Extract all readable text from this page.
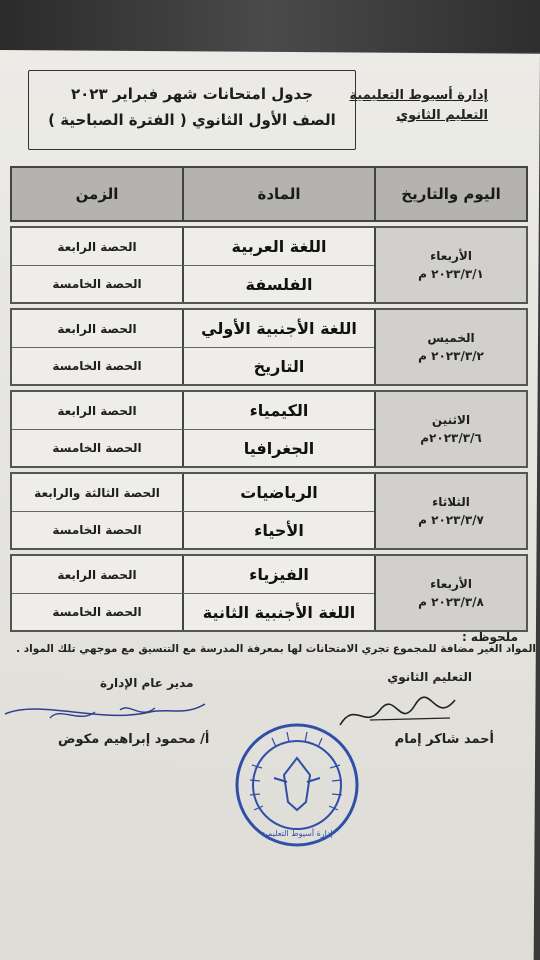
إدارة أسيوط التعليمية
التعليم الثانوي
جدول امتحانات شهر فبراير ٢٠٢٣
الصف الأول الثانوي ( الفترة الصباحية )
اليوم والتاريخ
المادة
الزمن
الأربعاء
٢٠٢٣/٣/١ م
اللغة العربية
الحصة الرابعة
الفلسفة
الحصة الخامسة
الخميس
٢٠٢٣/٣/٢ م
اللغة الأجنبية الأولي
الحصة الرابعة
التاريخ
الحصة الخامسة
الاثنين
٢٠٢٣/٣/٦م
الكيمياء
الحصة الرابعة
الجغرافيا
الحصة الخامسة
الثلاثاء
٢٠٢٣/٣/٧ م
الرياضيات
الحصة الثالثة والرابعة
الأحياء
الحصة الخامسة
الأربعاء
٢٠٢٣/٣/٨ م
الفيزياء
الحصة الرابعة
اللغة الأجنبية الثانية
الحصة الخامسة
ملحوظه :
المواد الغير مضافة للمجموع تجري الامتحانات لها بمعرفة المدرسة مع التنسيق مع موجهي تلك المواد .
التعليم الثانوي
مدير عام الإدارة
أحمد شاكر إمام
أ/ محمود إبراهيم مكوض
إدارة أسيوط التعليمية
